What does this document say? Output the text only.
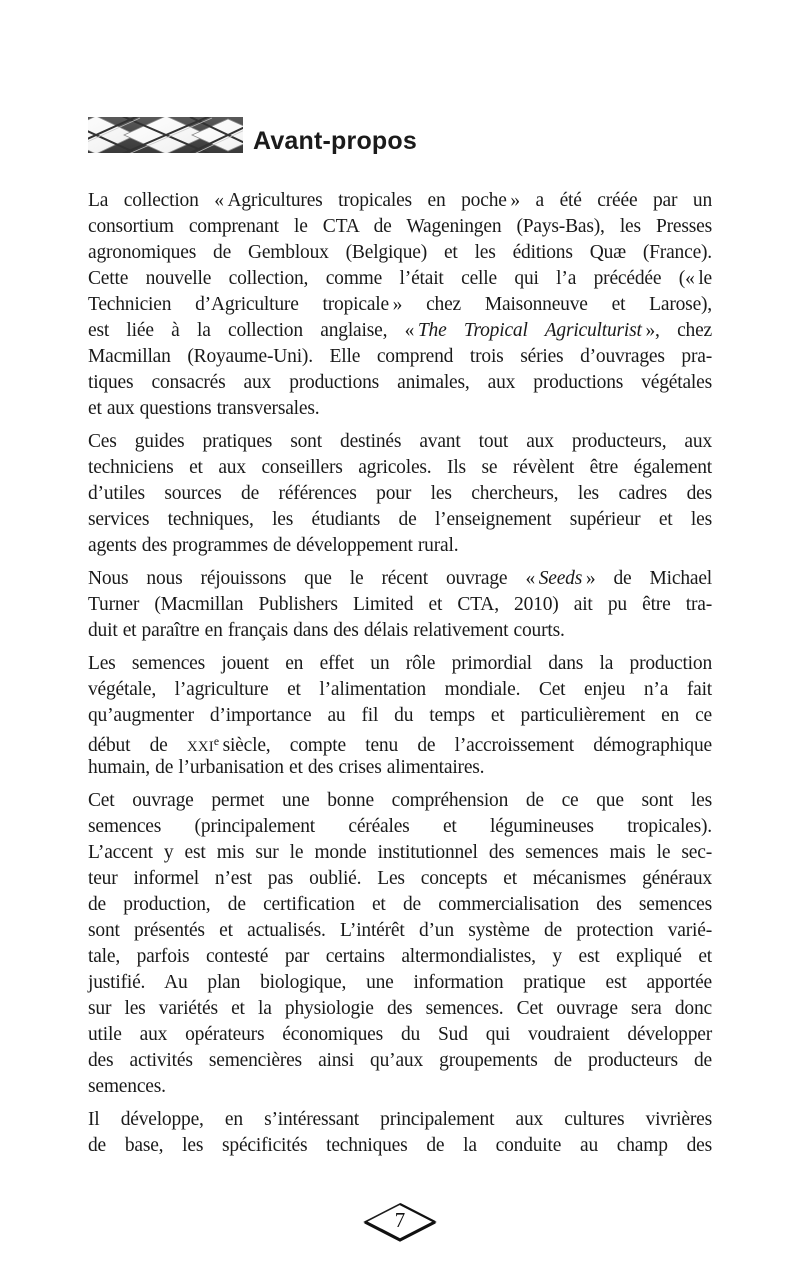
Avant-propos
La collection « Agricultures tropicales en poche » a été créée par un
consortium comprenant le CTA de Wageningen (Pays-Bas), les Presses
agronomiques de Gembloux (Belgique) et les éditions Quæ (France).
Cette nouvelle collection, comme l’était celle qui l’a précédée (« le
Technicien d’Agriculture tropicale » chez Maisonneuve et Larose),
est liée à la collection anglaise, « The Tropical Agriculturist », chez
Macmillan (Royaume-Uni). Elle comprend trois séries d’ouvrages pra-
tiques consacrés aux productions animales, aux productions végétales
et aux questions transversales.
Ces guides pratiques sont destinés avant tout aux producteurs, aux
techniciens et aux conseillers agricoles. Ils se révèlent être également
d’utiles sources de références pour les chercheurs, les cadres des
services techniques, les étudiants de l’enseignement supérieur et les
agents des programmes de développement rural.
Nous nous réjouissons que le récent ouvrage « Seeds » de Michael
Turner (Macmillan Publishers Limited et CTA, 2010) ait pu être tra-
duit et paraître en français dans des délais relativement courts.
Les semences jouent en effet un rôle primordial dans la production
végétale, l’agriculture et l’alimentation mondiale. Cet enjeu n’a fait
qu’augmenter d’importance au fil du temps et particulièrement en ce
début de XXIe siècle, compte tenu de l’accroissement démographique
humain, de l’urbanisation et des crises alimentaires.
Cet ouvrage permet une bonne compréhension de ce que sont les
semences (principalement céréales et légumineuses tropicales).
L’accent y est mis sur le monde institutionnel des semences mais le sec-
teur informel n’est pas oublié. Les concepts et mécanismes généraux
de production, de certification et de commercialisation des semences
sont présentés et actualisés. L’intérêt d’un système de protection varié-
tale, parfois contesté par certains altermondialistes, y est expliqué et
justifié. Au plan biologique, une information pratique est apportée
sur les variétés et la physiologie des semences. Cet ouvrage sera donc
utile aux opérateurs économiques du Sud qui voudraient développer
des activités semencières ainsi qu’aux groupements de producteurs de
semences.
Il développe, en s’intéressant principalement aux cultures vivrières
de base, les spécificités techniques de la conduite au champ des
7
